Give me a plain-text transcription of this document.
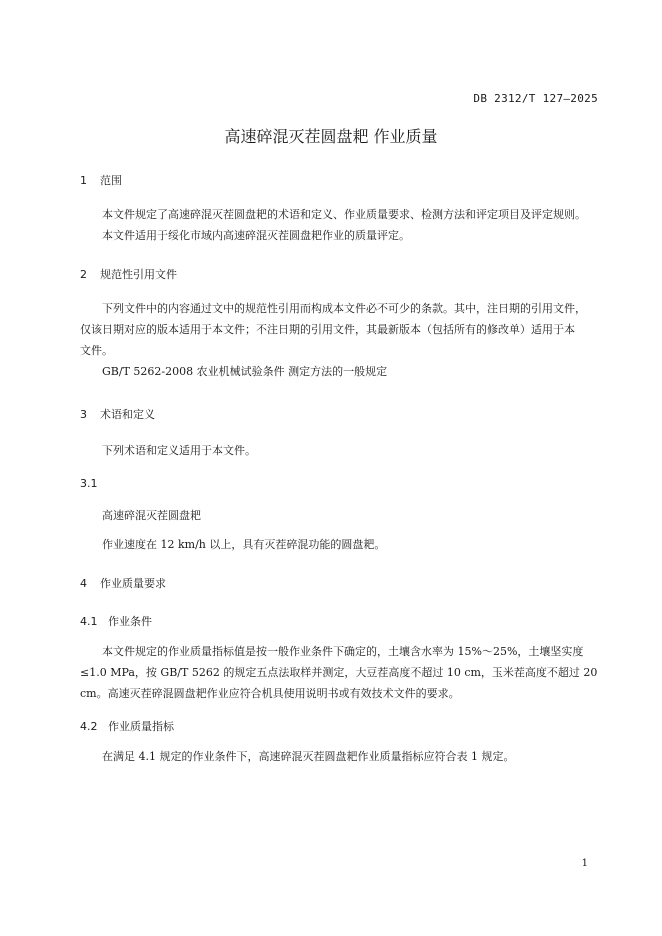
DB 2312/T 127—2025
高速碎混灭茬圆盘耙 作业质量
1 范围
本文件规定了高速碎混灭茬圆盘耙的术语和定义、作业质量要求、检测方法和评定项目及评定规则。
本文件适用于绥化市域内高速碎混灭茬圆盘耙作业的质量评定。
2 规范性引用文件
下列文件中的内容通过文中的规范性引用而构成本文件必不可少的条款。其中，注日期的引用文件，
仅该日期对应的版本适用于本文件；不注日期的引用文件，其最新版本（包括所有的修改单）适用于本
文件。
GB/T 5262-2008 农业机械试验条件 测定方法的一般规定
3 术语和定义
下列术语和定义适用于本文件。
3.1
高速碎混灭茬圆盘耙
作业速度在 12 km/h 以上，具有灭茬碎混功能的圆盘耙。
4 作业质量要求
4.1 作业条件
本文件规定的作业质量指标值是按一般作业条件下确定的，土壤含水率为 15%～25%，土壤坚实度
≤1.0 MPa，按 GB/T 5262 的规定五点法取样并测定，大豆茬高度不超过 10 cm，玉米茬高度不超过 20
cm。高速灭茬碎混圆盘耙作业应符合机具使用说明书或有效技术文件的要求。
4.2 作业质量指标
在满足 4.1 规定的作业条件下，高速碎混灭茬圆盘耙作业质量指标应符合表 1 规定。
1
